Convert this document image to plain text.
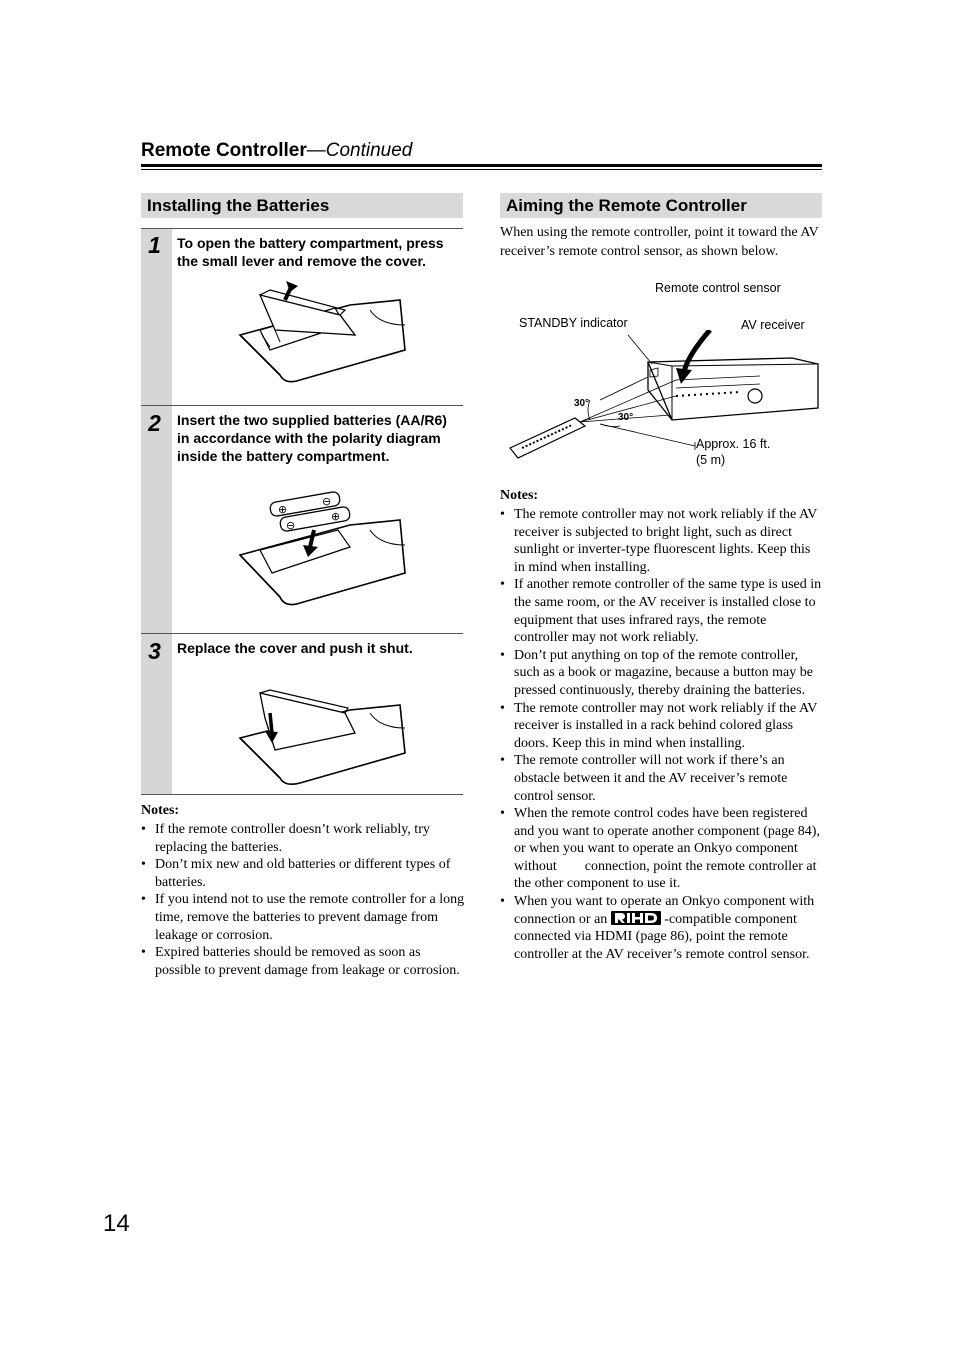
Remote Controller—Continued
Installing the Batteries
1	To open the battery compartment, press the small lever and remove the cover.
2	Insert the two supplied batteries (AA/R6) in accordance with the polarity diagram inside the battery compartment.
⊕
⊖
⊖
⊕
3	Replace the cover and push it shut.
Notes:
• If the remote controller doesn’t work reliably, try replacing the batteries.
• Don’t mix new and old batteries or different types of batteries.
• If you intend not to use the remote controller for a long time, remove the batteries to prevent damage from leakage or corrosion.
• Expired batteries should be removed as soon as possible to prevent damage from leakage or corrosion.
Aiming the Remote Controller
When using the remote controller, point it toward the AV receiver’s remote control sensor, as shown below.
Remote control sensor
STANDBY indicator	AV receiver
30°
30°
Approx. 16 ft.
(5 m)
Notes:
• The remote controller may not work reliably if the AV receiver is subjected to bright light, such as direct sunlight or inverter-type fluorescent lights. Keep this in mind when installing.
• If another remote controller of the same type is used in the same room, or the AV receiver is installed close to equipment that uses infrared rays, the remote controller may not work reliably.
• Don’t put anything on top of the remote controller, such as a book or magazine, because a button may be pressed continuously, thereby draining the batteries.
• The remote controller may not work reliably if the AV receiver is installed in a rack behind colored glass doors. Keep this in mind when installing.
• The remote controller will not work if there’s an obstacle between it and the AV receiver’s remote control sensor.
• When the remote control codes have been registered and you want to operate another component (page 84), or when you want to operate an Onkyo component without        connection, point the remote controller at the other component to use it.
• When you want to operate an Onkyo component with        connection or an	-compatible component connected via HDMI (page 86), point the remote controller at the AV receiver’s remote control sensor.
14
